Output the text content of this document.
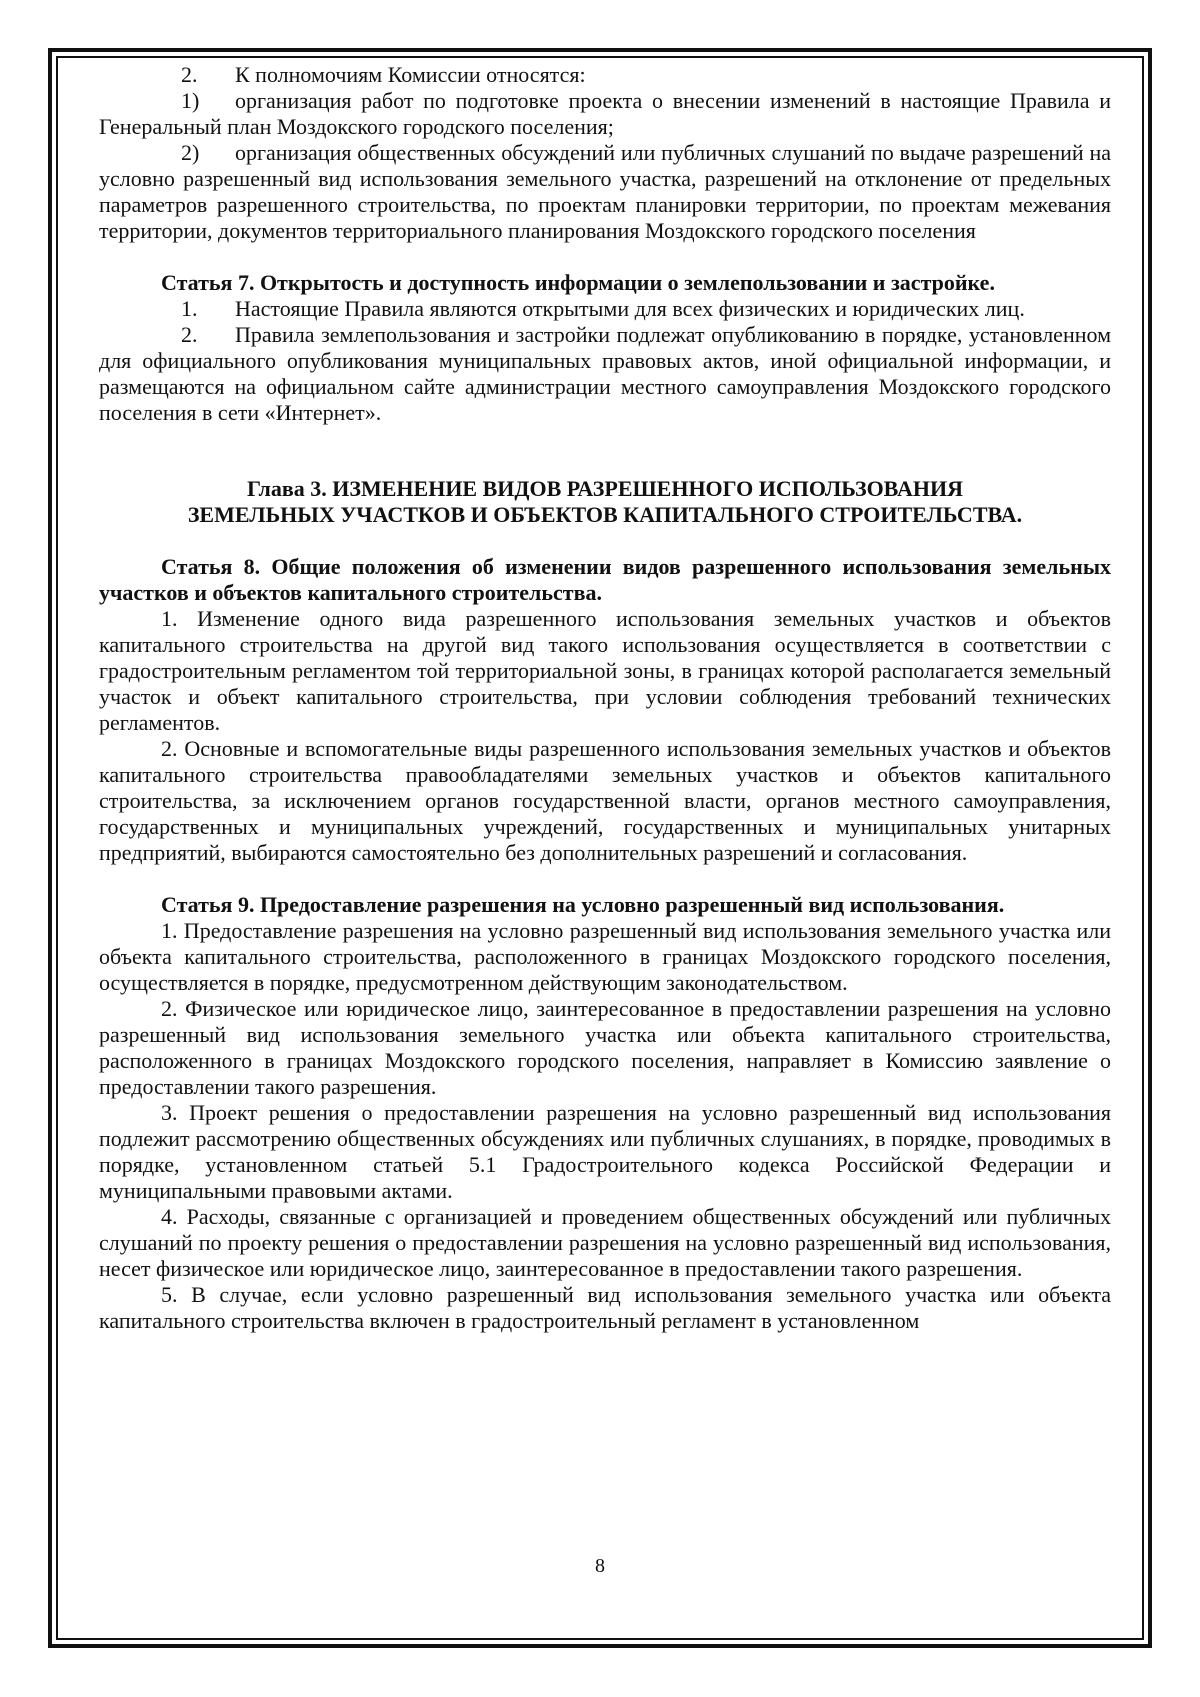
2. К полномочиям Комиссии относятся:

1) организация работ по подготовке проекта о внесении изменений в настоящие Правила и Генеральный план Моздокского городского поселения;

2) организация общественных обсуждений или публичных слушаний по выдаче разрешений на условно разрешенный вид использования земельного участка, разрешений на отклонение от предельных параметров разрешенного строительства, по проектам планировки территории, по проектам межевания территории, документов территориального планирования Моздокского городского поселения

Статья 7. Открытость и доступность информации о землепользовании и застройке.

1. Настоящие Правила являются открытыми для всех физических и юридических лиц.

2. Правила землепользования и застройки подлежат опубликованию в порядке, установленном для официального опубликования муниципальных правовых актов, иной официальной информации, и размещаются на официальном сайте администрации местного самоуправления Моздокского городского поселения в сети «Интернет».

Глава 3. ИЗМЕНЕНИЕ ВИДОВ РАЗРЕШЕННОГО ИСПОЛЬЗОВАНИЯ

ЗЕМЕЛЬНЫХ УЧАСТКОВ И ОБЪЕКТОВ КАПИТАЛЬНОГО СТРОИТЕЛЬСТВА.

Статья 8. Общие положения об изменении видов разрешенного использования земельных участков и объектов капитального строительства.

1. Изменение одного вида разрешенного использования земельных участков и объектов капитального строительства на другой вид такого использования осуществляется в соответствии с градостроительным регламентом той территориальной зоны, в границах которой располагается земельный участок и объект капитального строительства, при условии соблюдения требований технических регламентов.

2. Основные и вспомогательные виды разрешенного использования земельных участков и объектов капитального строительства правообладателями земельных участков и объектов капитального строительства, за исключением органов государственной власти, органов местного самоуправления, государственных и муниципальных учреждений, государственных и муниципальных унитарных предприятий, выбираются самостоятельно без дополнительных разрешений и согласования.

Статья 9. Предоставление разрешения на условно разрешенный вид использования.

1. Предоставление разрешения на условно разрешенный вид использования земельного участка или объекта капитального строительства, расположенного в границах Моздокского городского поселения, осуществляется в порядке, предусмотренном действующим законодательством.

2. Физическое или юридическое лицо, заинтересованное в предоставлении разрешения на условно разрешенный вид использования земельного участка или объекта капитального строительства, расположенного в границах Моздокского городского поселения, направляет в Комиссию заявление о предоставлении такого разрешения.

3. Проект решения о предоставлении разрешения на условно разрешенный вид использования подлежит рассмотрению общественных обсуждениях или публичных слушаниях, в порядке, проводимых в порядке, установленном статьей 5.1 Градостроительного кодекса Российской Федерации и муниципальными правовыми актами.

4. Расходы, связанные с организацией и проведением общественных обсуждений или публичных слушаний по проекту решения о предоставлении разрешения на условно разрешенный вид использования, несет физическое или юридическое лицо, заинтересованное в предоставлении такого разрешения.

5. В случае, если условно разрешенный вид использования земельного участка или объекта капитального строительства включен в градостроительный регламент в установленном

8
